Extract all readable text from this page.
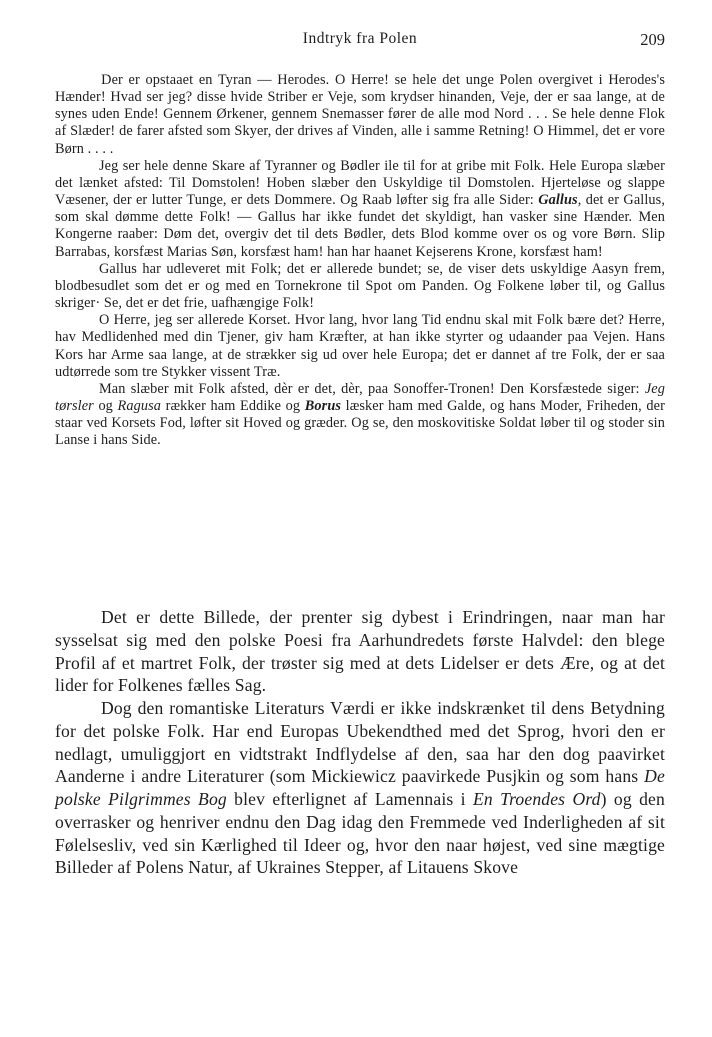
Indtryk fra Polen	209

    Der er opstaaet en Tyran — Herodes. O Herre! se hele det unge Polen overgivet i Herodes's Hænder! Hvad ser jeg? disse hvide Striber er Veje, som krydser hinanden, Veje, der er saa lange, at de synes uden Ende! Gennem Ørkener, gennem Snemasser fører de alle mod Nord . . . Se hele denne Flok af Slæder! de farer afsted som Skyer, der drives af Vinden, alle i samme Retning! O Himmel, det er vore Børn . . . .

Jeg ser hele denne Skare af Tyranner og Bødler ile til for at gribe mit Folk. Hele Europa slæber det lænket afsted: Til Domstolen! Hoben slæber den Uskyldige til Domstolen. Hjerteløse og slappe Væsener, der er lutter Tunge, er dets Dommere. Og Raab løfter sig fra alle Sider: Gallus, det er Gallus, som skal dømme dette Folk! — Gallus har ikke fundet det skyldigt, han vasker sine Hænder. Men Kongerne raaber: Døm det, overgiv det til dets Bødler, dets Blod komme over os og vore Børn. Slip Barrabas, korsfæst Marias Søn, korsfæst ham! han har haanet Kejserens Krone, korsfæst ham!

Gallus har udleveret mit Folk; det er allerede bundet; se, de viser dets uskyldige Aasyn frem, blodbesudlet som det er og med en Tornekrone til Spot om Panden. Og Folkene løber til, og Gallus skriger· Se, det er det frie, uafhængige Folk!

O Herre, jeg ser allerede Korset. Hvor lang, hvor lang Tid endnu skal mit Folk bære det? Herre, hav Medlidenhed med din Tjener, giv ham Kræfter, at han ikke styrter og udaander paa Vejen. Hans Kors har Arme saa lange, at de strækker sig ud over hele Europa; det er dannet af tre Folk, der er saa udtørrede som tre Stykker vissent Træ.

Man slæber mit Folk afsted, dèr er det, dèr, paa Sonoffer-Tronen! Den Korsfæstede siger: Jeg tørsler og Ragusa rækker ham Eddike og Borus læsker ham med Galde, og hans Moder, Friheden, der staar ved Korsets Fod, løfter sit Hoved og græder. Og se, den moskovitiske Soldat løber til og stoder sin Lanse i hans Side.

Det er dette Billede, der prenter sig dybest i Erindringen, naar man har sysselsat sig med den polske Poesi fra Aarhundredets første Halvdel: den blege Profil af et martret Folk, der trøster sig med at dets Lidelser er dets Ære, og at det lider for Folkenes fælles Sag.

Dog den romantiske Literaturs Værdi er ikke indskrænket til dens Betydning for det polske Folk. Har end Europas Ubekendthed med det Sprog, hvori den er nedlagt, umuliggjort en vidtstrakt Indflydelse af den, saa har den dog paavirket Aanderne i andre Literaturer (som Mickiewicz paavirkede Pusjkin og som hans De polske Pilgrimmes Bog blev efterlignet af Lamennais i En Troendes Ord) og den overrasker og henriver endnu den Dag idag den Fremmede ved Inderligheden af sit Følelsesliv, ved sin Kærlighed til Ideer og, hvor den naar højest, ved sine mægtige Billeder af Polens Natur, af Ukraines Stepper, af Litauens Skove
